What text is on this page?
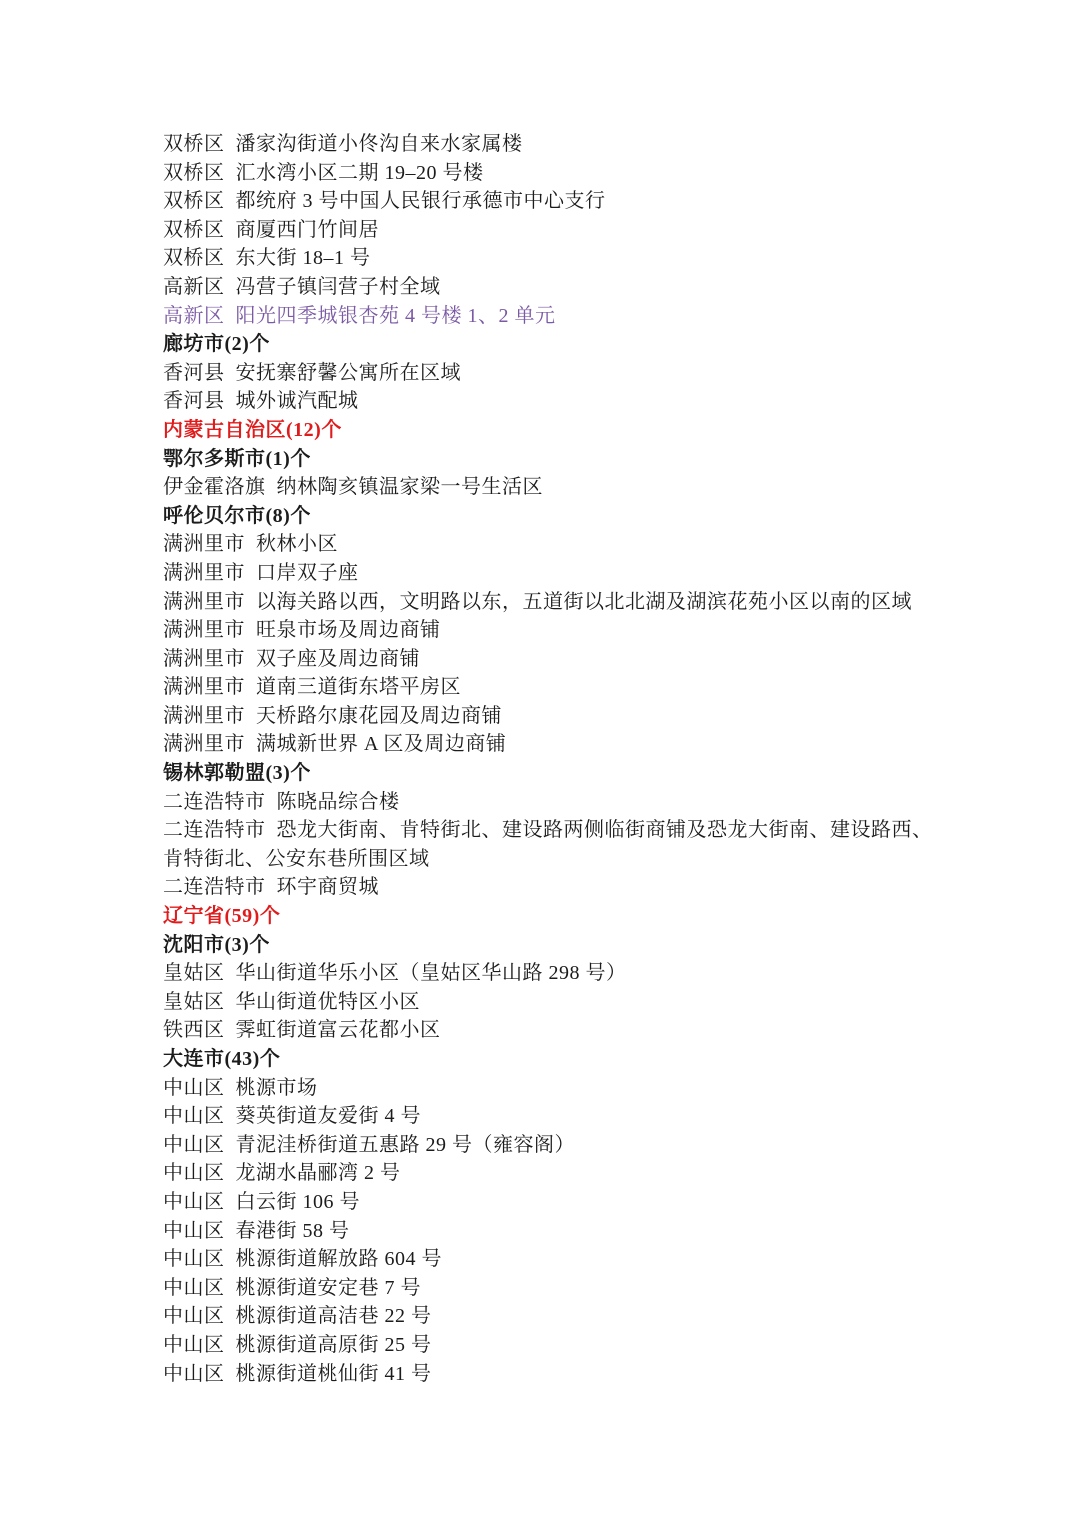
双桥区  潘家沟街道小佟沟自来水家属楼
双桥区  汇水湾小区二期 19–20 号楼
双桥区  都统府 3 号中国人民银行承德市中心支行
双桥区  商厦西门竹间居
双桥区  东大街 18–1 号
高新区  冯营子镇闫营子村全域
高新区  阳光四季城银杏苑 4 号楼 1、2 单元
廊坊市(2)个
香河县  安抚寨舒馨公寓所在区域
香河县  城外诚汽配城
内蒙古自治区(12)个
鄂尔多斯市(1)个
伊金霍洛旗  纳林陶亥镇温家梁一号生活区
呼伦贝尔市(8)个
满洲里市  秋林小区
满洲里市  口岸双子座
满洲里市  以海关路以西，文明路以东，五道街以北北湖及湖滨花苑小区以南的区域
满洲里市  旺泉市场及周边商铺
满洲里市  双子座及周边商铺
满洲里市  道南三道街东塔平房区
满洲里市  天桥路尔康花园及周边商铺
满洲里市  满城新世界 A 区及周边商铺
锡林郭勒盟(3)个
二连浩特市  陈晓品综合楼
二连浩特市  恐龙大街南、肯特街北、建设路两侧临街商铺及恐龙大街南、建设路西、
肯特街北、公安东巷所围区域
二连浩特市  环宇商贸城
辽宁省(59)个
沈阳市(3)个
皇姑区  华山街道华乐小区（皇姑区华山路 298 号）
皇姑区  华山街道优特区小区
铁西区  霁虹街道富云花都小区
大连市(43)个
中山区  桃源市场
中山区  葵英街道友爱街 4 号
中山区  青泥洼桥街道五惠路 29 号（雍容阁）
中山区  龙湖水晶郦湾 2 号
中山区  白云街 106 号
中山区  春港街 58 号
中山区  桃源街道解放路 604 号
中山区  桃源街道安定巷 7 号
中山区  桃源街道高洁巷 22 号
中山区  桃源街道高原街 25 号
中山区  桃源街道桃仙街 41 号
